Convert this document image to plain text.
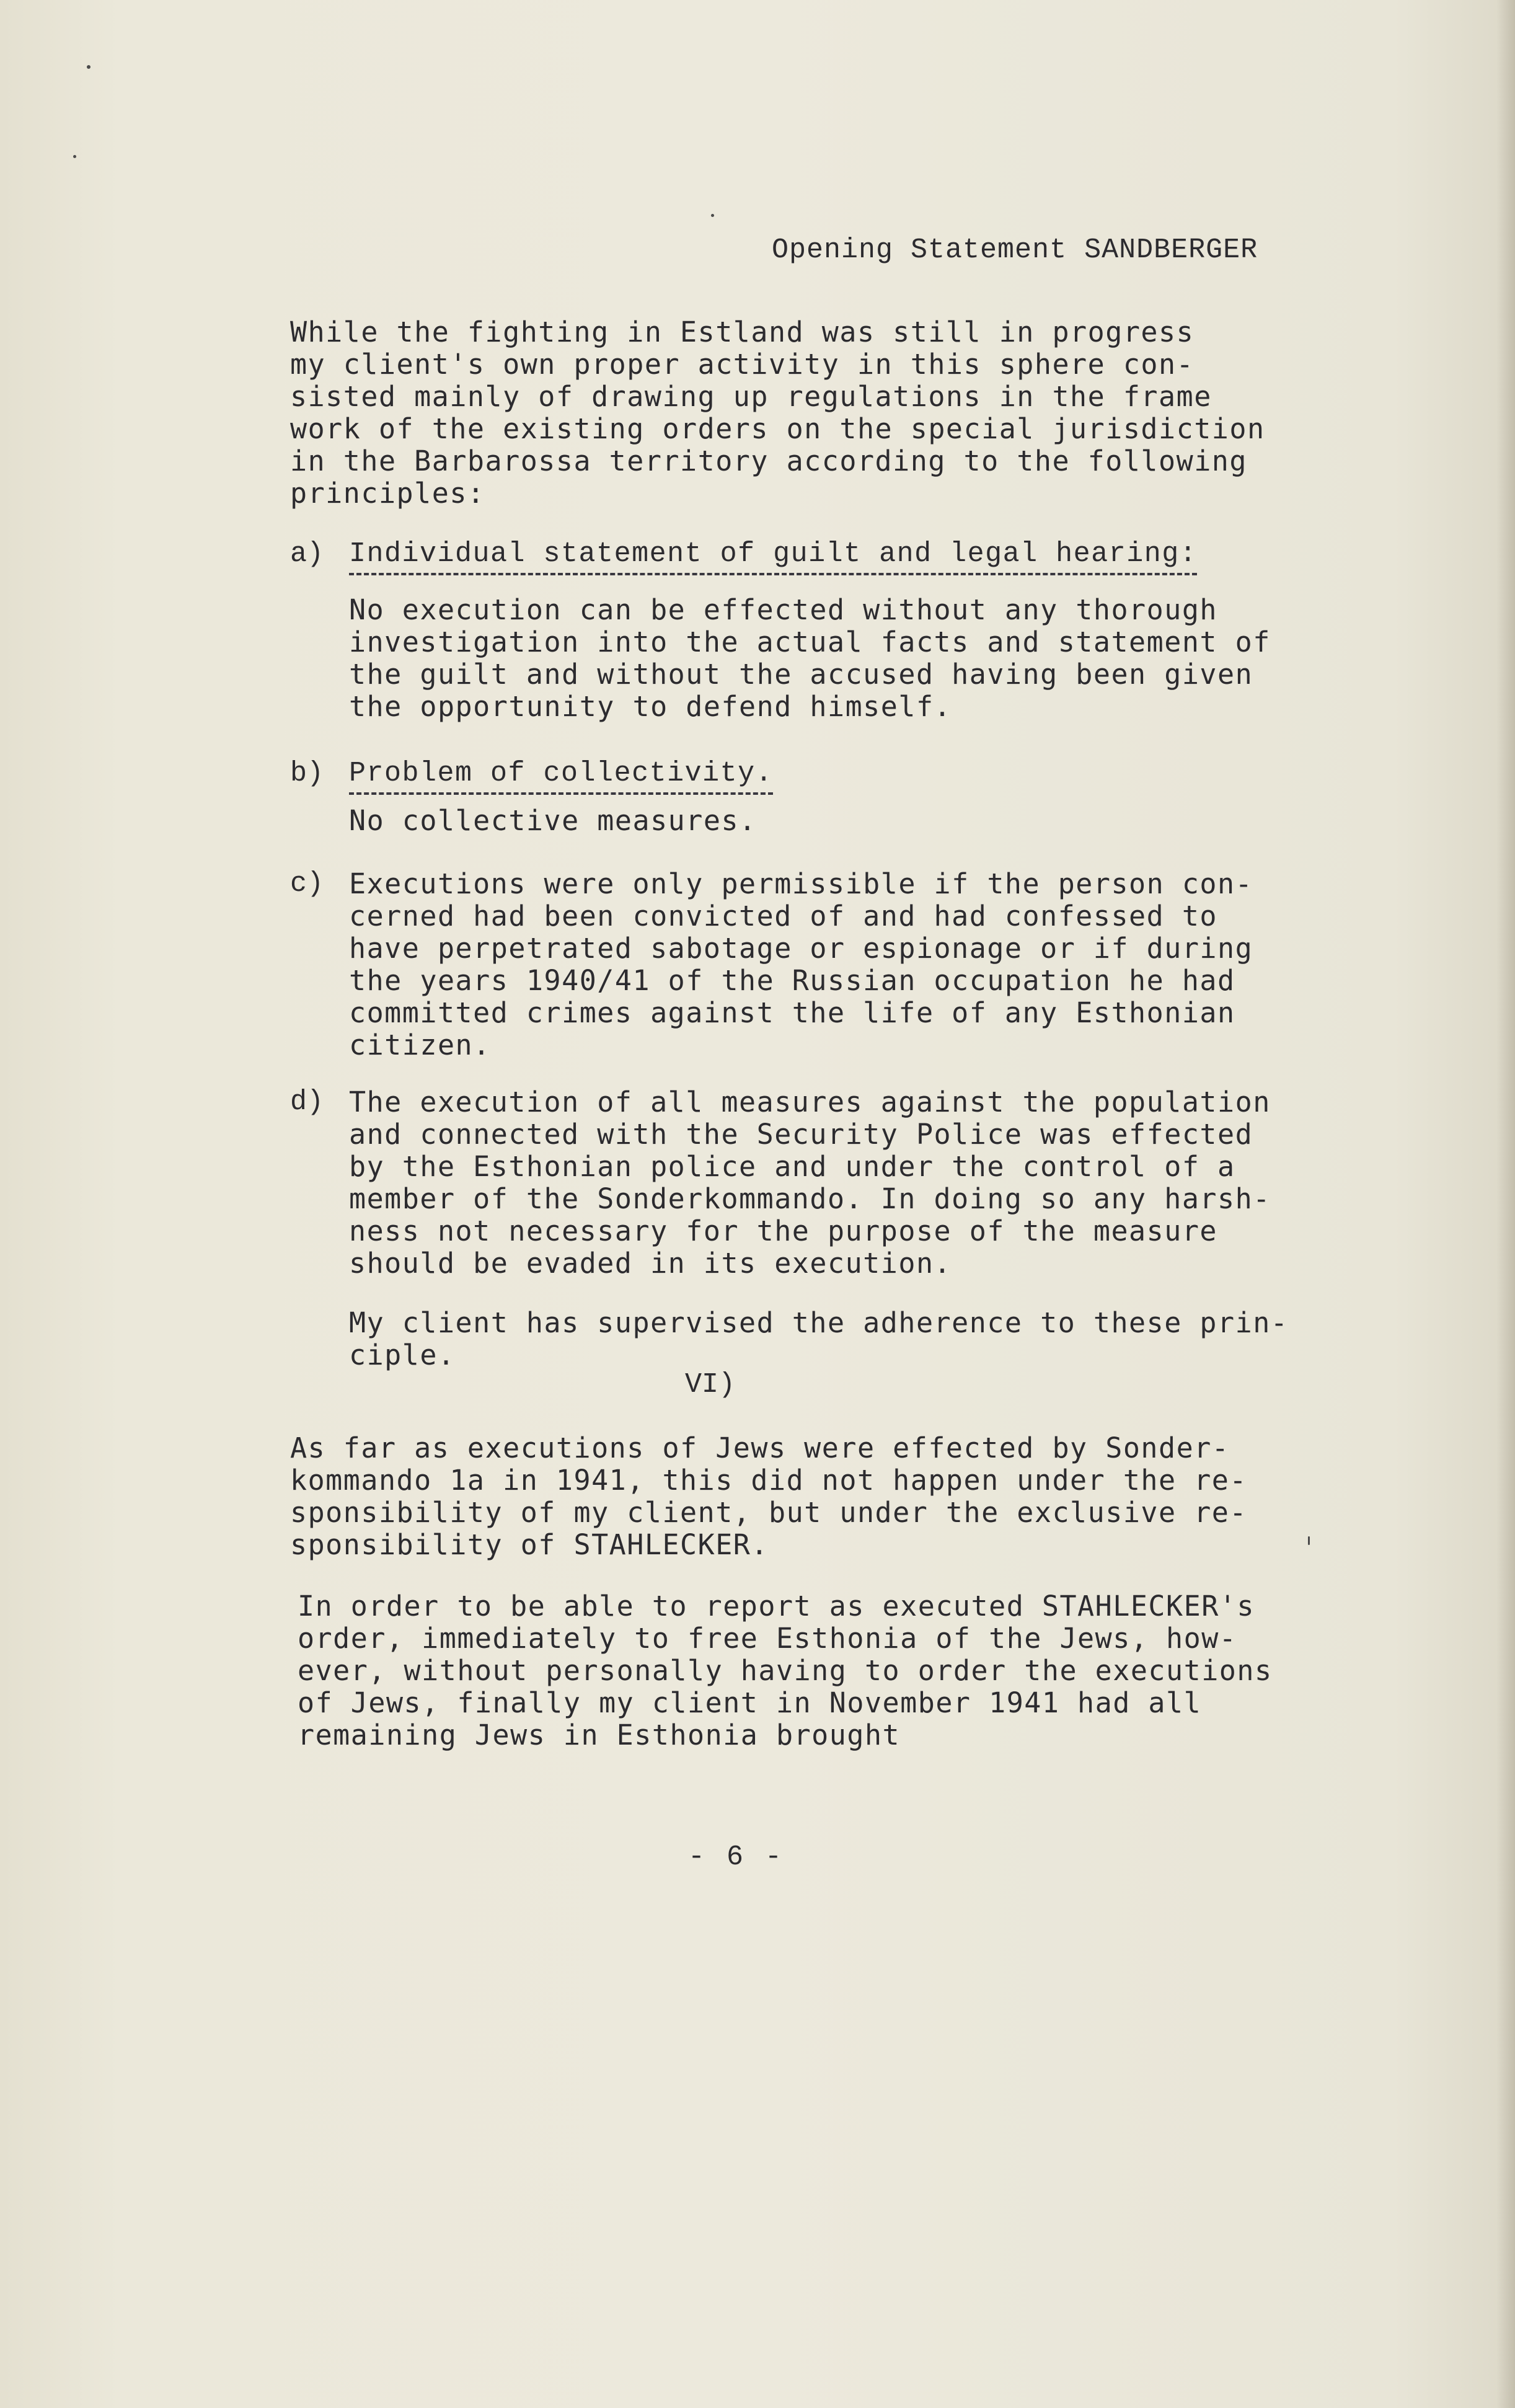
Opening Statement SANDBERGER
While the fighting in Estland was still in progress
my client's own proper activity in this sphere con-
sisted mainly of drawing up regulations in the frame
work of the existing orders on the special jurisdiction
in the Barbarossa territory according to the following
principles:
a) Individual statement of guilt and legal hearing:
No execution can be effected without any thorough
investigation into the actual facts and statement of
the guilt and without the accused having been given
the opportunity to defend himself.
b) Problem of collectivity.
No collective measures.
c) Executions were only permissible if the person con-
cerned had been convicted of and had confessed to
have perpetrated sabotage or espionage or if during
the years 1940/41 of the Russian occupation he had
committed crimes against the life of any Esthonian
citizen.
d) The execution of all measures against the population
and connected with the Security Police was effected
by the Esthonian police and under the control of a
member of the Sonderkommando. In doing so any harsh-
ness not necessary for the purpose of the measure
should be evaded in its execution.
My client has supervised the adherence to these prin-
ciple.
VI)
As far as executions of Jews were effected by Sonder-
kommando 1a in 1941, this did not happen under the re-
sponsibility of my client, but under the exclusive re-
sponsibility of STAHLECKER.
In order to be able to report as executed STAHLECKER's
order, immediately to free Esthonia of the Jews, how-
ever, without personally having to order the executions
of Jews, finally my client in November 1941 had all
remaining Jews in Esthonia brought
- 6 -
